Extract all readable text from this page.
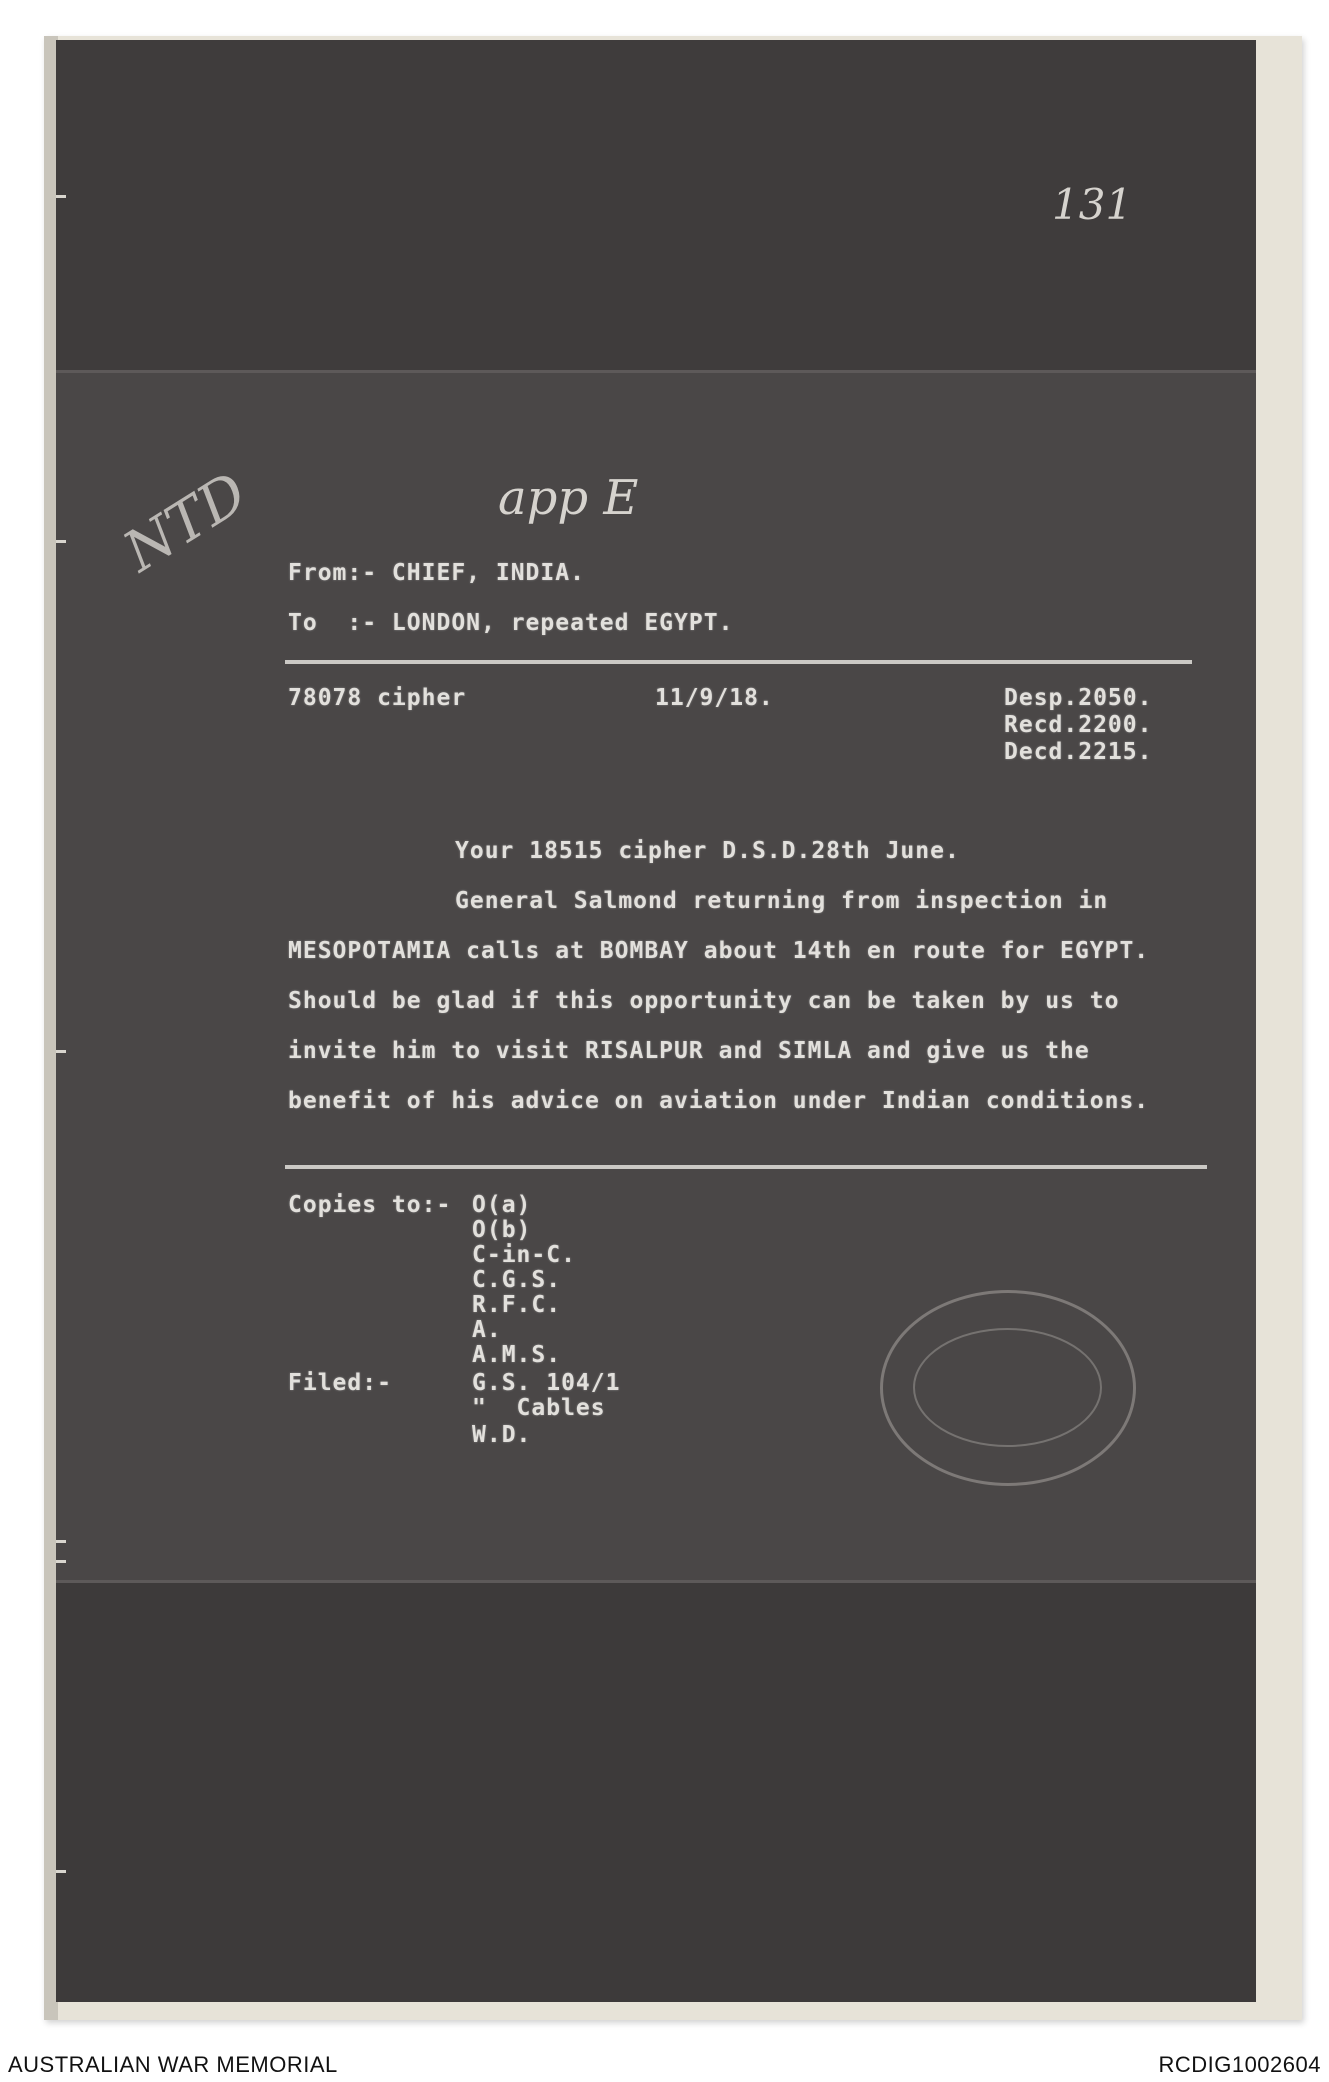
131
app E
NTD From:- CHIEF, INDIA.
To  :- LONDON, repeated EGYPT.
78078 cipher	11/9/18.	Desp.2050.
Recd.2200.
Decd.2215.
Your 18515 cipher D.S.D.28th June.
General Salmond returning from inspection in
MESOPOTAMIA calls at BOMBAY about 14th en route for EGYPT.
Should be glad if this opportunity can be taken by us to
invite him to visit RISALPUR and SIMLA and give us the
benefit of his advice on aviation under Indian conditions.
Copies to:- O(a)
O(b)
C-in-C.
C.G.S.
R.F.C.
A.
A.M.S.
Filed:-	G.S. 104/1
"  Cables
W.D.
AUSTRALIAN WAR MEMORIAL	RCDIG1002604
